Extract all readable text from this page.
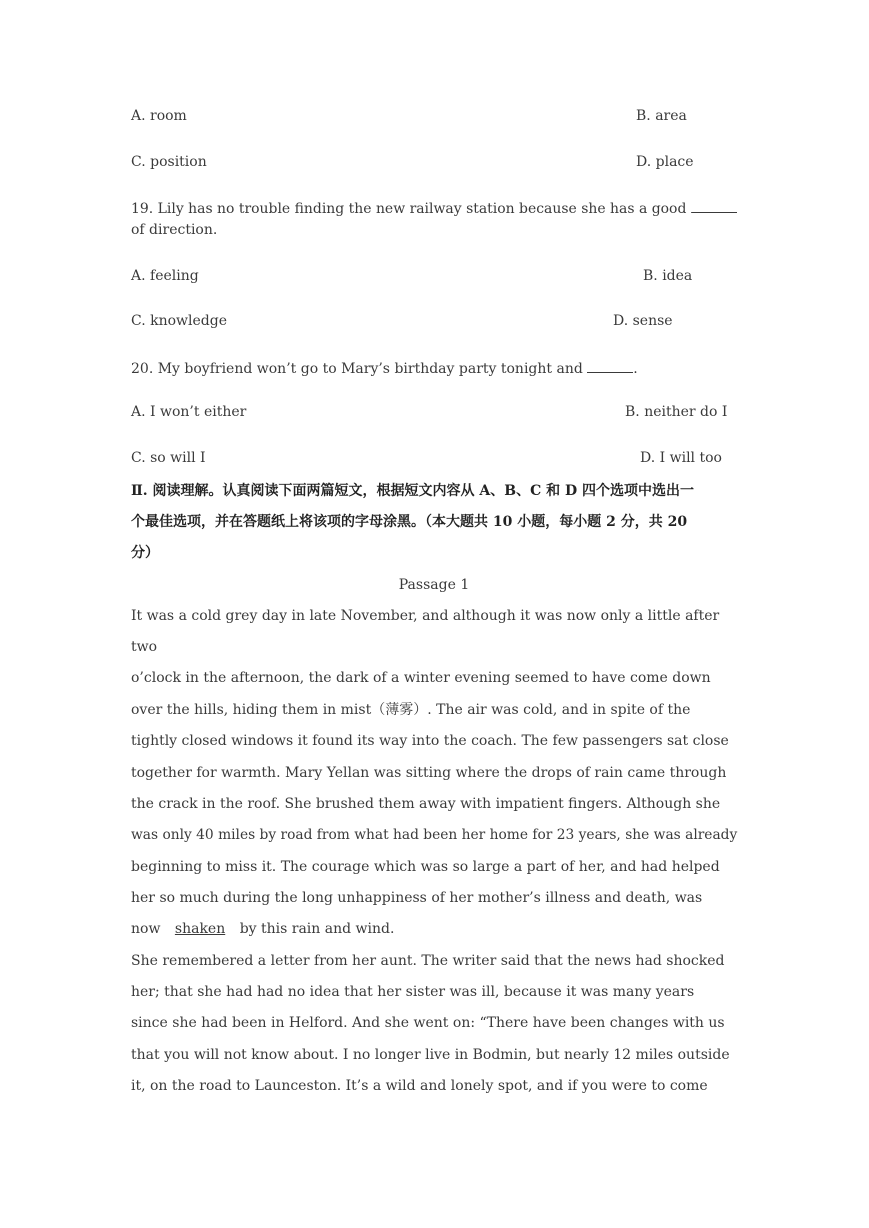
A. room	B. area
C. position	D. place
19. Lily has no trouble finding the new railway station because she has a good
of direction.
A. feeling	B. idea
C. knowledge	D. sense
20. My boyfriend won’t go to Mary’s birthday party tonight and	.
A. I won’t either	B. neither do I
C. so will I	D. I will too
Ⅱ. 阅读理解。认真阅读下面两篇短文，根据短文内容从 A、B、C 和 D 四个选项中选出一
个最佳选项，并在答题纸上将该项的字母涂黑。（本大题共 10 小题，每小题 2 分，共 20
分）
Passage 1
It was a cold grey day in late November, and although it was now only a little after
two
o’clock in the afternoon, the dark of a winter evening seemed to have come down
over the hills, hiding them in mist（薄雾）. The air was cold, and in spite of the
tightly closed windows it found its way into the coach. The few passengers sat close
together for warmth. Mary Yellan was sitting where the drops of rain came through
the crack in the roof. She brushed them away with impatient fingers. Although she
was only 40 miles by road from what had been her home for 23 years, she was already
beginning to miss it. The courage which was so large a part of her, and had helped
her so much during the long unhappiness of her mother’s illness and death, was
now shaken by this rain and wind.
She remembered a letter from her aunt. The writer said that the news had shocked
her; that she had had no idea that her sister was ill, because it was many years
since she had been in Helford. And she went on: “There have been changes with us
that you will not know about. I no longer live in Bodmin, but nearly 12 miles outside
it, on the road to Launceston. It’s a wild and lonely spot, and if you were to come
